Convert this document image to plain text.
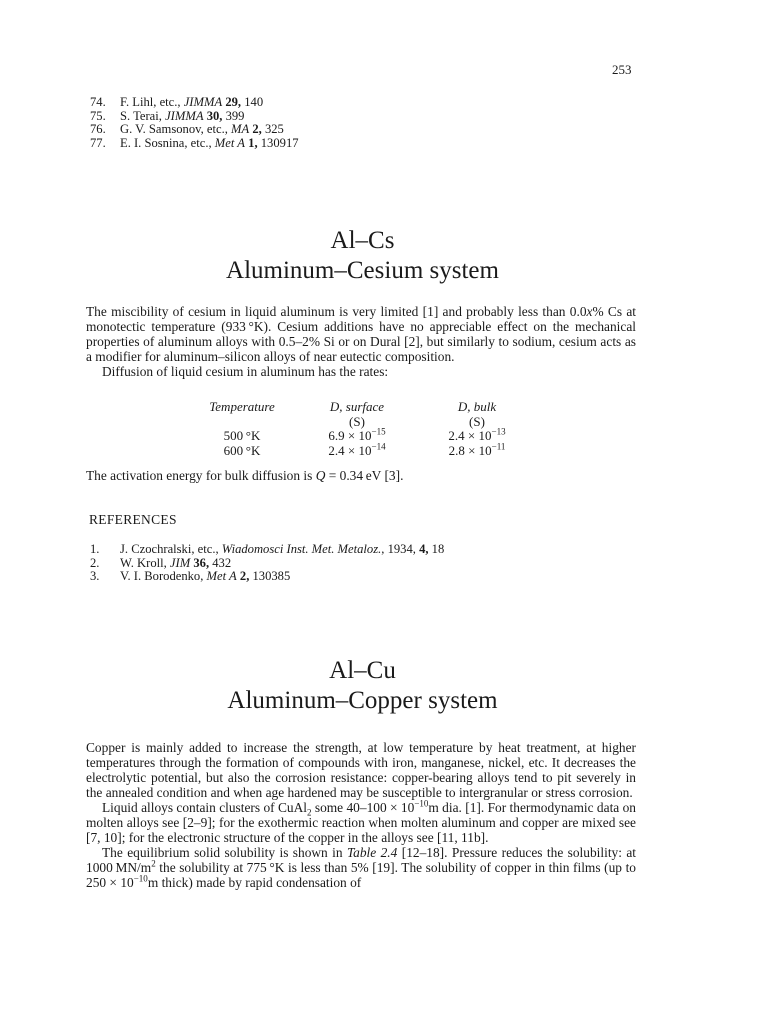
253
74.	F. Lihl, etc., JIMMA 29, 140
75.	S. Terai, JIMMA 30, 399
76.	G. V. Samsonov, etc., MA 2, 325
77.	E. I. Sosnina, etc., Met A 1, 130917
Al–Cs
Aluminum–Cesium system

The miscibility of cesium in liquid aluminum is very limited [1] and probably less than 0.0x% Cs at monotectic temperature (933 °K). Cesium additions have no appreciable effect on the mechanical properties of aluminum alloys with 0.5–2% Si or on Dural [2], but similarly to sodium, cesium acts as a modifier for aluminum–silicon alloys of near eutectic composition.

Diffusion of liquid cesium in aluminum has the rates:

Temperature	D, surface	D, bulk
	(S)	(S)
500 °K	$6.9 \times 10^{-15}$	$2.4 \times 10^{-13}$
600 °K	$2.4 \times 10^{-14}$	$2.8 \times 10^{-11}$

The activation energy for bulk diffusion is Q = 0.34 eV [3].

REFERENCES
1.	J. Czochralski, etc., Wiadomosci Inst. Met. Metaloz., 1934, 4, 18
2.	W. Kroll, JIM 36, 432
3.	V. I. Borodenko, Met A 2, 130385
Al–Cu
Aluminum–Copper system

Copper is mainly added to increase the strength, at low temperature by heat treatment, at higher temperatures through the formation of compounds with iron, manganese, nickel, etc. It decreases the electrolytic potential, but also the corrosion resistance: copper-bearing alloys tend to pit severely in the annealed condition and when age hardened may be susceptible to intergranular or stress corrosion.

Liquid alloys contain clusters of CuAl$_2$ some $40-100 \times 10^{-10}m$ dia. [1]. For thermodynamic data on molten alloys see [2–9]; for the exothermic reaction when molten aluminum and copper are mixed see [7, 10]; for the electronic structure of the copper in the alloys see [11, 11b].

The equilibrium solid solubility is shown in Table 2.4 [12–18]. Pressure reduces the solubility: at 1000 $MN/m^2$ the solubility at 775 °K is less than 5% [19]. The solubility of copper in thin films (up to $250 \times 10^{-10}m$ thick) made by rapid condensation of
